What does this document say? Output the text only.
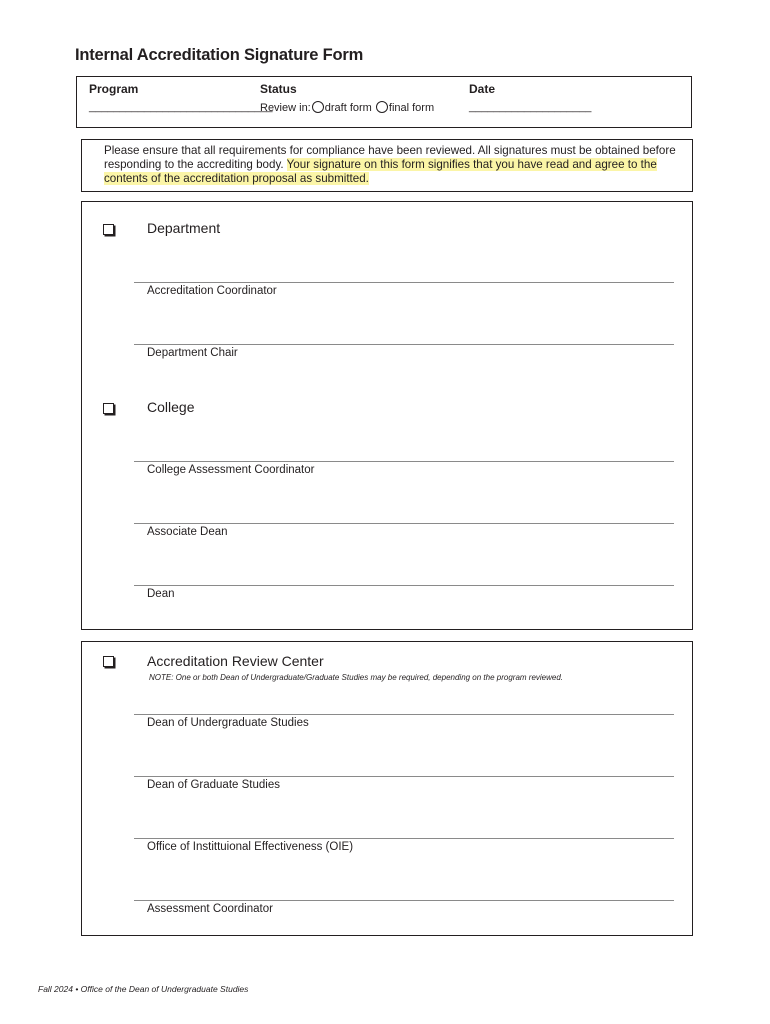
Internal Accreditation Signature Form
Program
______________________________
Status
Review in: draft form final form
Date
____________________
Please ensure that all requirements for compliance have been reviewed. All signatures must be obtained before responding to the accrediting body. Your signature on this form signifies that you have read and agree to the contents of the accreditation proposal as submitted.
Department
Accreditation Coordinator
Department Chair
College
College Assessment Coordinator
Associate Dean
Dean
Accreditation Review Center
NOTE: One or both Dean of Undergraduate/Graduate Studies may be required, depending on the program reviewed.
Dean of Undergraduate Studies
Dean of Graduate Studies
Office of Instittuional Effectiveness (OIE)
Assessment Coordinator
Fall 2024 • Office of the Dean of Undergraduate Studies
